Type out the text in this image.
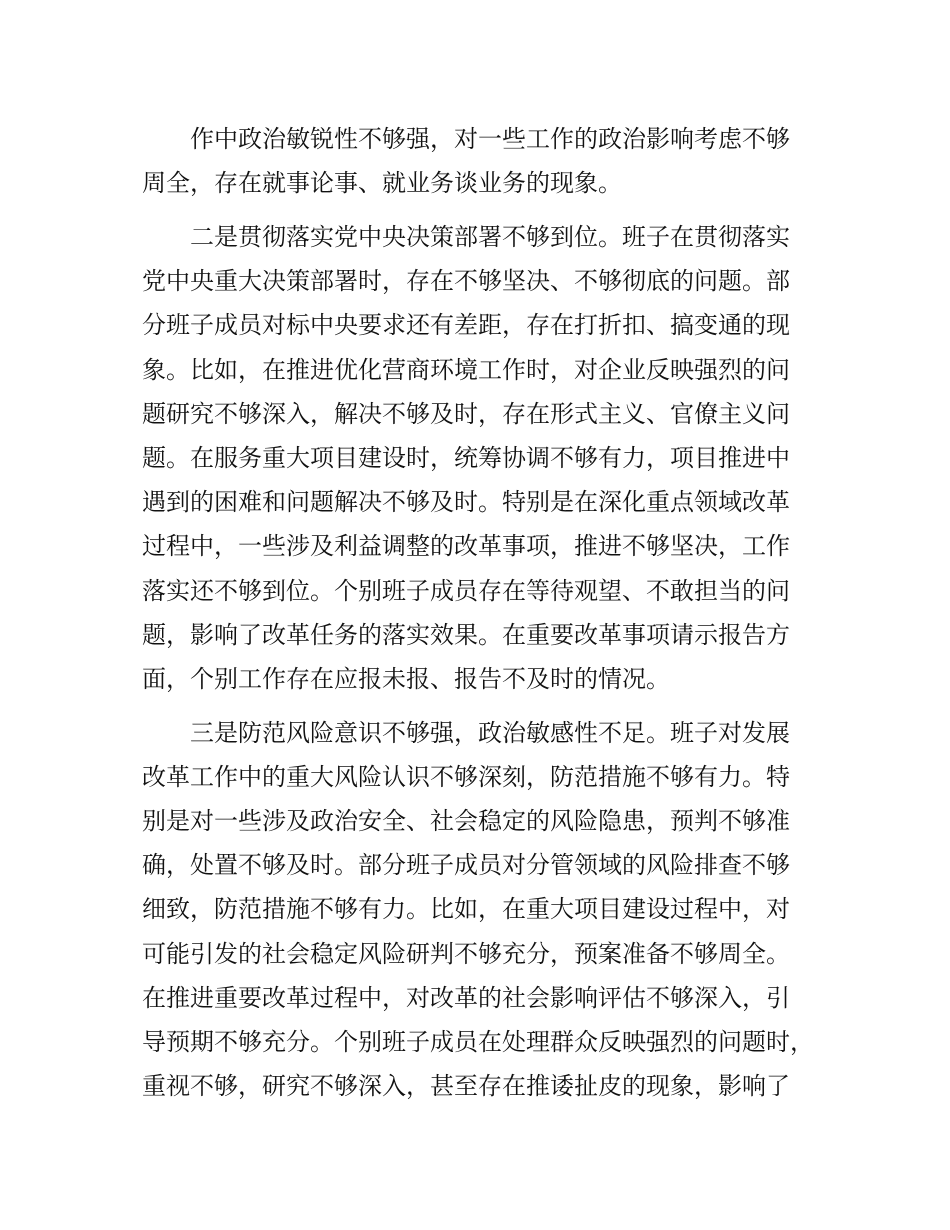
作中政治敏锐性不够强，对一些工作的政治影响考虑不够
周全，存在就事论事、就业务谈业务的现象。
二是贯彻落实党中央决策部署不够到位。班子在贯彻落实
党中央重大决策部署时，存在不够坚决、不够彻底的问题。部
分班子成员对标中央要求还有差距，存在打折扣、搞变通的现
象。比如，在推进优化营商环境工作时，对企业反映强烈的问
题研究不够深入，解决不够及时，存在形式主义、官僚主义问
题。在服务重大项目建设时，统筹协调不够有力，项目推进中
遇到的困难和问题解决不够及时。特别是在深化重点领域改革
过程中，一些涉及利益调整的改革事项，推进不够坚决，工作
落实还不够到位。个别班子成员存在等待观望、不敢担当的问
题，影响了改革任务的落实效果。在重要改革事项请示报告方
面，个别工作存在应报未报、报告不及时的情况。
三是防范风险意识不够强，政治敏感性不足。班子对发展
改革工作中的重大风险认识不够深刻，防范措施不够有力。特
别是对一些涉及政治安全、社会稳定的风险隐患，预判不够准
确，处置不够及时。部分班子成员对分管领域的风险排查不够
细致，防范措施不够有力。比如，在重大项目建设过程中，对
可能引发的社会稳定风险研判不够充分，预案准备不够周全。
在推进重要改革过程中，对改革的社会影响评估不够深入，引
导预期不够充分。个别班子成员在处理群众反映强烈的问题时，
重视不够，研究不够深入，甚至存在推诿扯皮的现象，影响了
